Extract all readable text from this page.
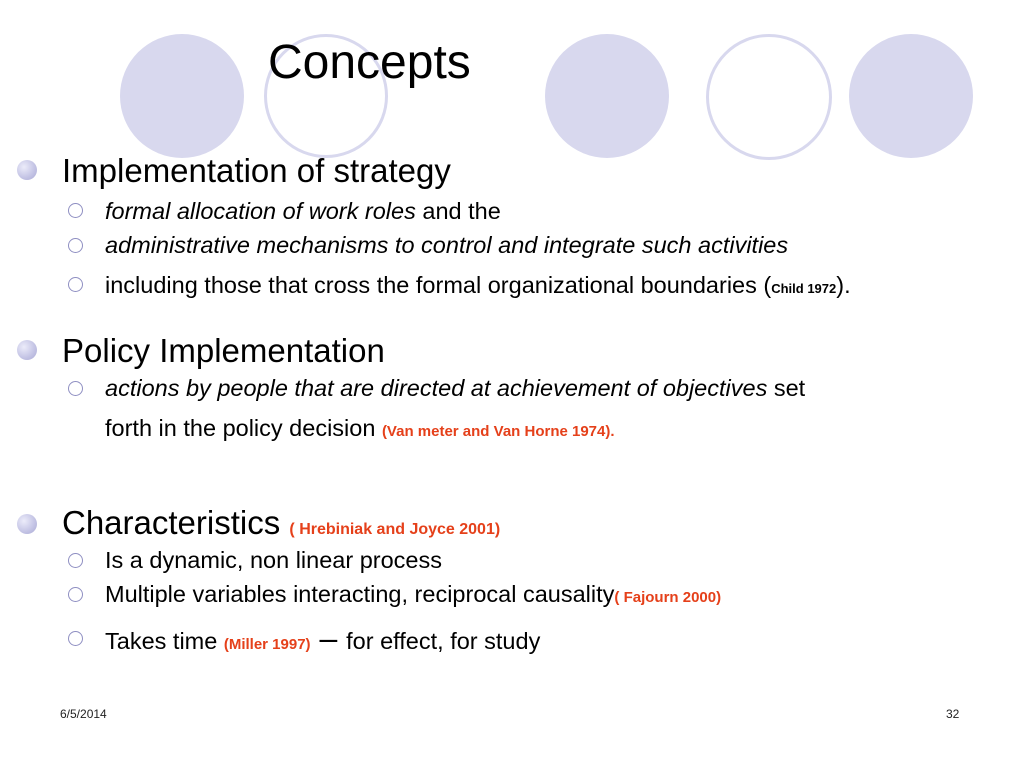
Concepts
Implementation of strategy
formal allocation of work roles and the
administrative mechanisms to control and integrate such activities
including those that cross the formal organizational boundaries (Child 1972).
Policy Implementation
actions by people that are directed at achievement of objectives set
forth in the policy decision (Van meter and Van Horne 1974).
Characteristics ( Hrebiniak and Joyce 2001)
Is a dynamic, non linear process
Multiple variables interacting, reciprocal causality( Fajourn 2000)
Takes time (Miller 1997) – for effect, for study
6/5/2014	32
